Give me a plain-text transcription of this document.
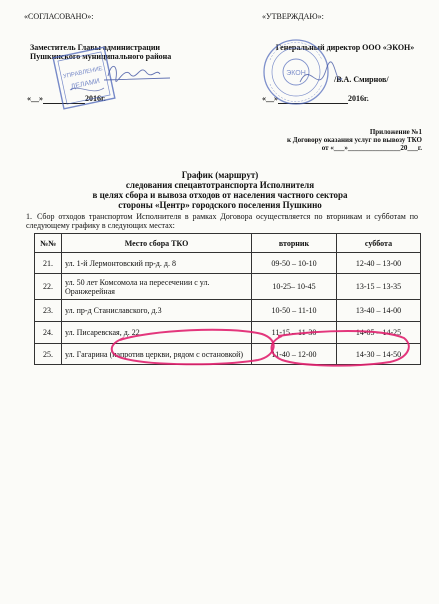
«СОГЛАСОВАНО»:
Заместитель Главы администрации
Пушкинского муниципального района
«__»	2016г.
«УТВЕРЖДАЮ»:
Генеральный директор ООО «ЭКОН»
/В.А. Смирнов/
«__»	2016г.
Приложение №1
к Договору оказания услуг по вывозу ТКО
от «___»_______________20___г.
График (маршрут)
следования спецавтотранспорта Исполнителя
в целях сбора и вывоза отходов от населения частного сектора
стороны «Центр» городского поселения Пушкино
1. Сбор отходов транспортом Исполнителя в рамках Договора осуществляется по вторникам и субботам по следующему графику в следующих местах:
№№	Место сбора ТКО	вторник	суббота
21.	ул. 1-й Лермонтовский пр-д. д. 8	09-50 – 10-10	12-40 – 13-00
22.	ул. 50 лет Комсомола на пересечении с ул. Оранжерейная	10-25– 10-45	13-15 – 13-35
23.	ул. пр-д Станиславского, д.3	10-50 – 11-10	13-40 – 14-00
24.	ул. Писаревская, д. 22	11-15 – 11-30	14-05 – 14-25
25.	ул. Гагарина (напротив церкви, рядом с остановкой)	11-40 – 12-00	14-30 – 14-50
УПРАВЛЕНИЕ
ДЕЛАМИ
ЭКОН
